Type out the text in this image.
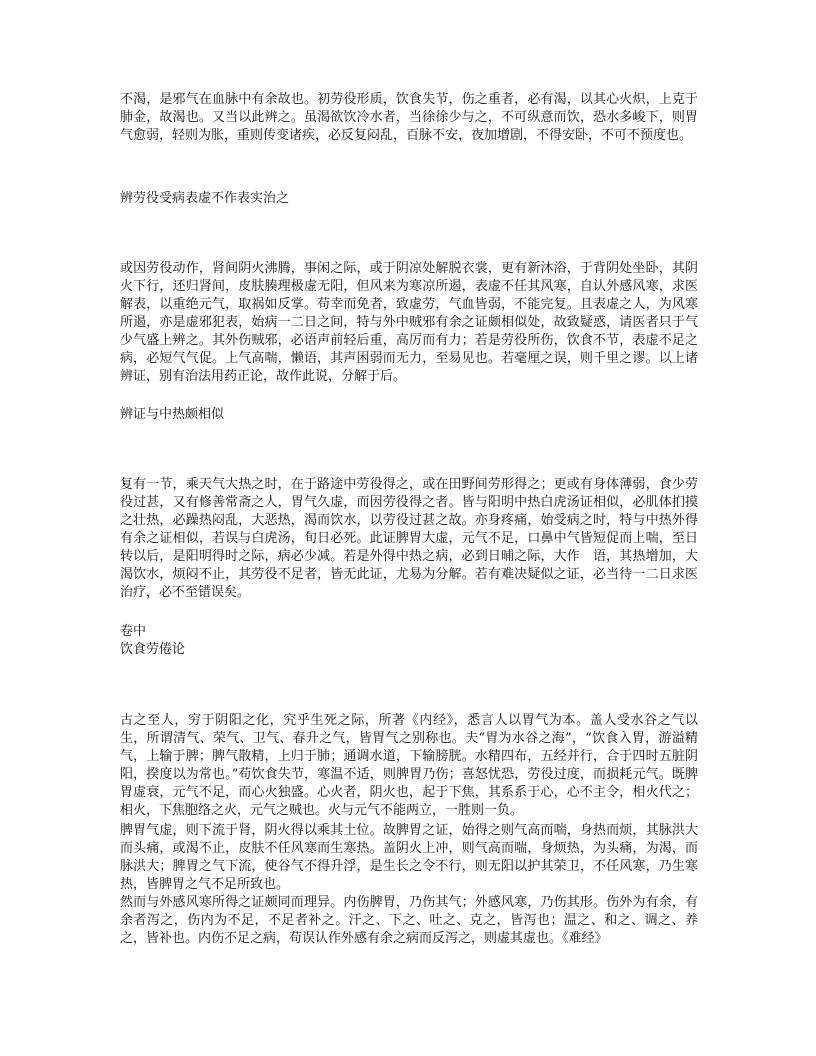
不渴，是邪气在血脉中有余故也。初劳役形质，饮食失节，伤之重者，必有渴，以其心火炽，上克于肺金，故渴也。又当以此辨之。虽渴欲饮冷水者，当徐徐少与之，不可纵意而饮，恐水多峻下，则胃气愈弱，轻则为胀，重则传变诸疾，必反复闷乱，百脉不安，夜加增剧，不得安卧，不可不预度也。

辨劳役受病表虚不作表实治之

或因劳役动作，肾间阴火沸腾，事闲之际，或于阴凉处解脱衣裳，更有新沐浴，于背阴处坐卧，其阴火下行，还归肾间，皮肤腠理极虚无阳，但风来为寒凉所遏，表虚不任其风寒，自认外感风寒，求医解表，以重绝元气，取祸如反掌。苟幸而免者，致虚劳，气血皆弱，不能完复。且表虚之人，为风寒所遏，亦是虚邪犯表，始病一二日之间，特与外中贼邪有余之证颇相似处，故致疑惑，请医者只于气少气盛上辨之。其外伤贼邪，必语声前轻后重，高厉而有力；若是劳役所伤，饮食不节，表虚不足之病，必短气气促。上气高喘，懒语，其声困弱而无力，至易见也。若毫厘之误，则千里之谬。以上诸辨证，别有治法用药正论，故作此说，分解于后。

辨证与中热颇相似

复有一节，乘天气大热之时，在于路途中劳役得之，或在田野间劳形得之；更或有身体薄弱，食少劳役过甚，又有修善常斋之人，胃气久虚，而因劳役得之者。皆与阳明中热白虎汤证相似，必肌体扪摸之壮热，必躁热闷乱，大恶热，渴而饮水，以劳役过甚之故。亦身疼痛，始受病之时，特与中热外得有余之证相似，若误与白虎汤，旬日必死。此证脾胃大虚，元气不足，口鼻中气皆短促而上喘，至日转以后，是阳明得时之际，病必少减。若是外得中热之病，必到日晡之际，大作　语，其热增加，大渴饮水，烦闷不止，其劳役不足者，皆无此证，尤易为分解。若有难决疑似之证，必当待一二日求医治疗，必不至错误矣。

卷中

饮食劳倦论

古之至人，穷于阴阳之化，究乎生死之际，所著《内经》，悉言人以胃气为本。盖人受水谷之气以生，所谓清气、荣气、卫气、春升之气，皆胃气之别称也。夫“胃为水谷之海”，“饮食入胃，游溢精气，上输于脾；脾气散精，上归于肺；通调水道，下输膀胱。水精四布，五经并行，合于四时五脏阴阳，揆度以为常也。”苟饮食失节，寒温不适，则脾胃乃伤；喜怒忧恐，劳役过度，而损耗元气。既脾胃虚衰，元气不足，而心火独盛。心火者，阴火也，起于下焦，其系系于心，心不主令，相火代之；相火，下焦胞络之火，元气之贼也。火与元气不能两立，一胜则一负。

脾胃气虚，则下流于肾，阴火得以乘其土位。故脾胃之证，始得之则气高而喘，身热而烦，其脉洪大而头痛，或渴不止，皮肤不任风寒而生寒热。盖阴火上冲，则气高而喘，身烦热，为头痛，为渴，而脉洪大；脾胃之气下流，使谷气不得升浮，是生长之令不行，则无阳以护其荣卫，不任风寒，乃生寒热，皆脾胃之气不足所致也。

然而与外感风寒所得之证颇同而理异。内伤脾胃，乃伤其气；外感风寒，乃伤其形。伤外为有余，有余者泻之，伤内为不足，不足者补之。汗之、下之、吐之、克之，皆泻也；温之、和之、调之、养之，皆补也。内伤不足之病，苟误认作外感有余之病而反泻之，则虚其虚也。《难经》
